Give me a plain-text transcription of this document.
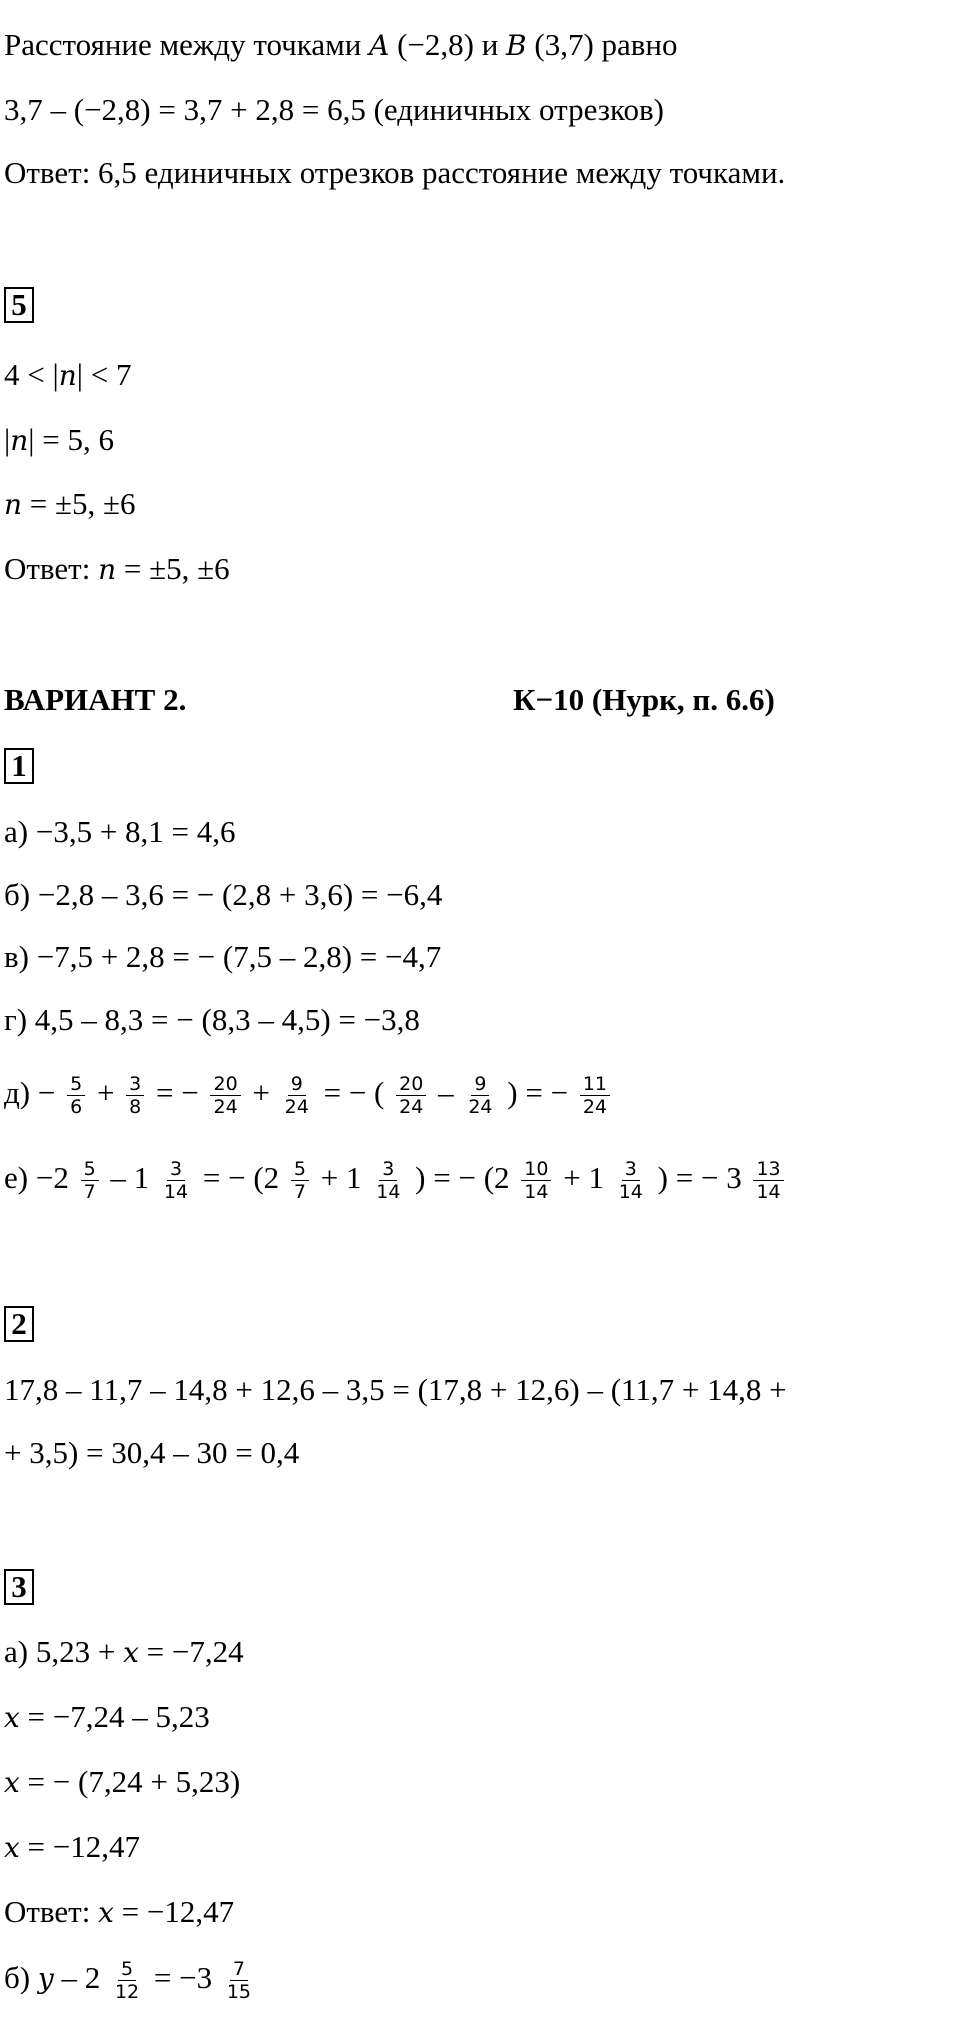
Расстояние между точками A (−2,8) и B (3,7) равно
3,7 – (−2,8) = 3,7 + 2,8 = 6,5 (единичных отрезков)
Ответ: 6,5 единичных отрезков расстояние между точками.
5
4 < |n| < 7
|n| = 5, 6
n = ±5, ±6
Ответ: n = ±5, ±6
ВАРИАНТ 2.	К−10 (Нурк, п. 6.6)
1
а) −3,5 + 8,1 = 4,6
б) −2,8 – 3,6 = − (2,8 + 3,6) = −6,4
в) −7,5 + 2,8 = − (7,5 – 2,8) = −4,7
г) 4,5 – 8,3 = − (8,3 – 4,5) = −3,8
$д) - \frac{5}{6} + \frac{3}{8}$ = − $\frac{20}{24} + \frac{9}{24}$ = − ( $\frac{20}{24} - \frac{9}{24}$ ) = − $\frac{11}{24}$
$е) -2 \frac{5}{7} - 1 \frac{3}{14}$ = − ($2 \frac{5}{7} + 1 \frac{3}{14}$ ) = − ($2 \frac{10}{14} + 1 \frac{3}{14}$ ) = − $3 \frac{13}{14}$
2
17,8 – 11,7 – 14,8 + 12,6 – 3,5 = (17,8 + 12,6) – (11,7 + 14,8 +
+ 3,5) = 30,4 – 30 = 0,4
3
а) 5,23 + x = −7,24
x = −7,24 – 5,23
x = − (7,24 + 5,23)
x = −12,47
Ответ: x = −12,47
б) $y - 2 \frac{5}{12} = -3 \frac{7}{15}$
